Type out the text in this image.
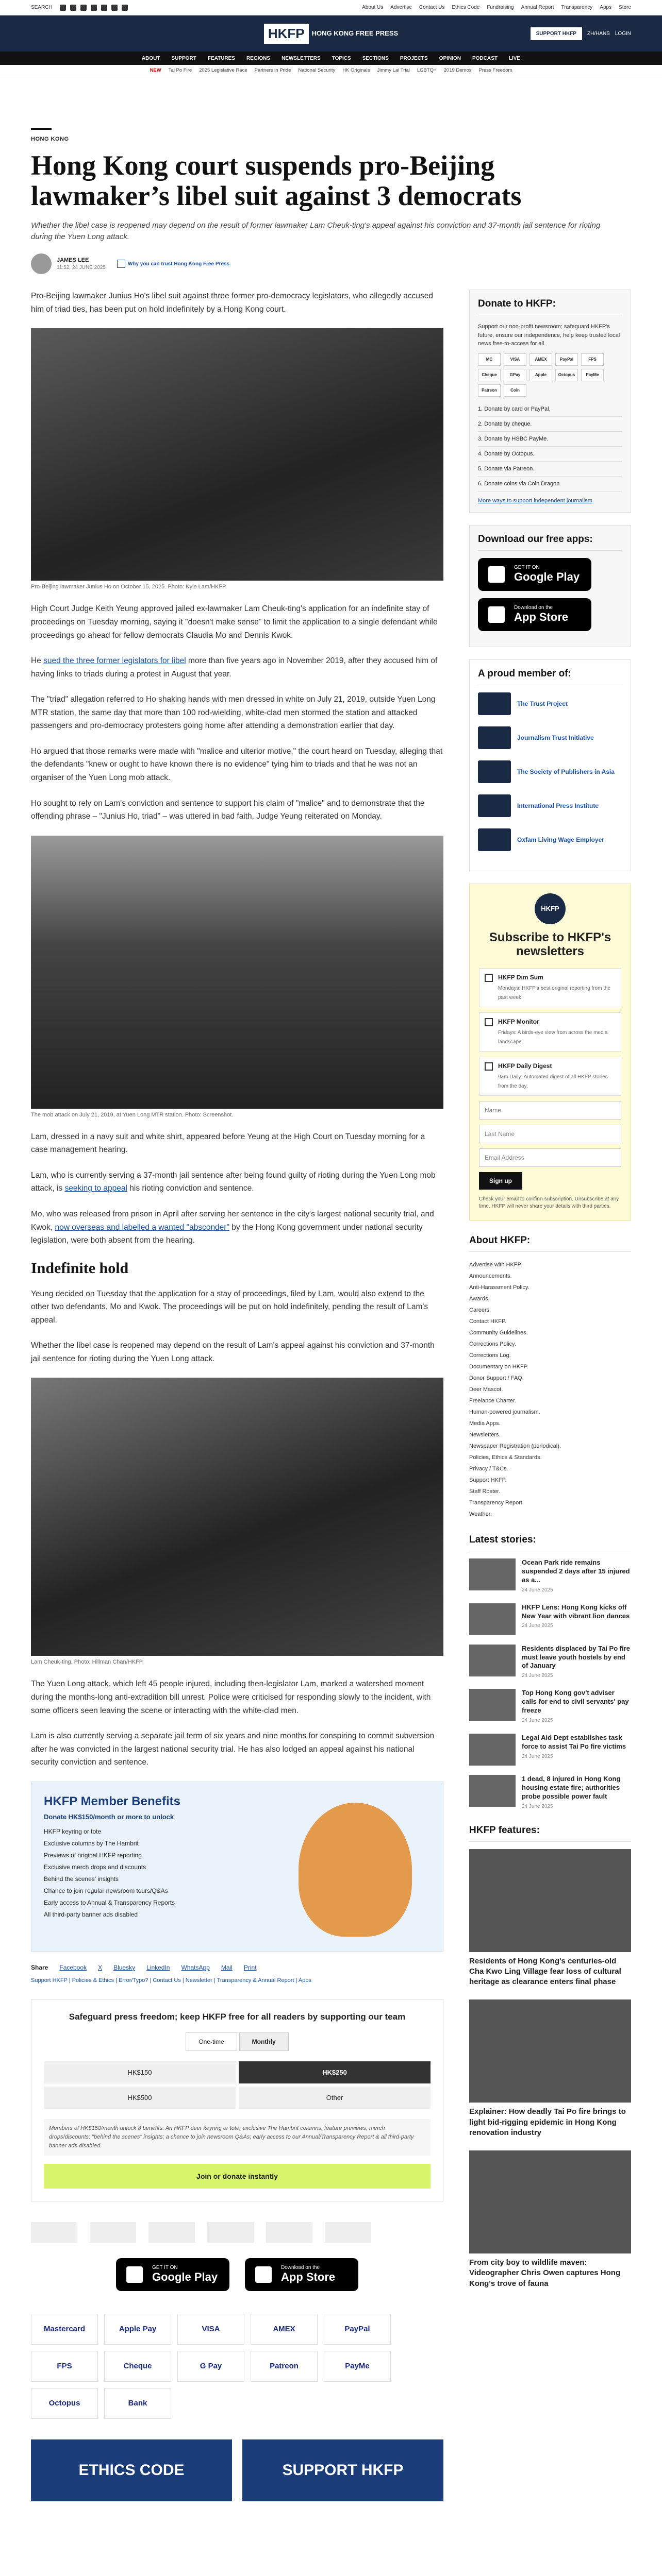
SEARCH	About Us Advertise Contact Us Ethics Code Fundraising Annual Report Transparency Apps Store
HKFP	HONG KONG FREE PRESS	SUPPORT HKFP	ZH/HANS LOGIN
ABOUT SUPPORT FEATURES REGIONS NEWSLETTERS TOPICS SECTIONS PROJECTS OPINION PODCAST LIVE
NEW Tai Po Fire 2025 Legislative Race Partners in Pride National Security HK Originals Jimmy Lai Trial LGBTQ+ 2019 Demos Press Freedom
HONG KONG
Hong Kong court suspends pro-Beijing lawmaker’s libel suit against 3 democrats
Whether the libel case is reopened may depend on the result of former lawmaker Lam Cheuk-ting's appeal against his conviction and 37-month jail sentence for rioting during the Yuen Long attack.
JAMES LEE
11:52, 24 JUNE 2025
Why you can trust Hong Kong Free Press

Pro-Beijing lawmaker Junius Ho's libel suit against three former pro-democracy legislators, who allegedly accused him of triad ties, has been put on hold indefinitely by a Hong Kong court.

Pro-Beijing lawmaker Junius Ho on October 15, 2025. Photo: Kyle Lam/HKFP.

High Court Judge Keith Yeung approved jailed ex-lawmaker Lam Cheuk-ting's application for an indefinite stay of proceedings on Tuesday morning, saying it "doesn't make sense" to limit the application to a single defendant while proceedings go ahead for fellow democrats Claudia Mo and Dennis Kwok.

He sued the three former legislators for libel more than five years ago in November 2019, after they accused him of having links to triads during a protest in August that year.

The "triad" allegation referred to Ho shaking hands with men dressed in white on July 21, 2019, outside Yuen Long MTR station, the same day that more than 100 rod-wielding, white-clad men stormed the station and attacked passengers and pro-democracy protesters going home after attending a demonstration earlier that day.

Ho argued that those remarks were made with "malice and ulterior motive," the court heard on Tuesday, alleging that the defendants "knew or ought to have known there is no evidence" tying him to triads and that he was not an organiser of the Yuen Long mob attack.

Ho sought to rely on Lam's conviction and sentence to support his claim of "malice" and to demonstrate that the offending phrase – "Junius Ho, triad" – was uttered in bad faith, Judge Yeung reiterated on Monday.

The mob attack on July 21, 2019, at Yuen Long MTR station. Photo: Screenshot.

Lam, dressed in a navy suit and white shirt, appeared before Yeung at the High Court on Tuesday morning for a case management hearing.

Lam, who is currently serving a 37-month jail sentence after being found guilty of rioting during the Yuen Long mob attack, is seeking to appeal his rioting conviction and sentence.

Mo, who was released from prison in April after serving her sentence in the city's largest national security trial, and Kwok, now overseas and labelled a wanted "absconder" by the Hong Kong government under national security legislation, were both absent from the hearing.

Indefinite hold

Yeung decided on Tuesday that the application for a stay of proceedings, filed by Lam, would also extend to the other two defendants, Mo and Kwok. The proceedings will be put on hold indefinitely, pending the result of Lam's appeal.

Whether the libel case is reopened may depend on the result of Lam's appeal against his conviction and 37-month jail sentence for rioting during the Yuen Long attack.

Lam Cheuk-ting. Photo: Hillman Chan/HKFP.

The Yuen Long attack, which left 45 people injured, including then-legislator Lam, marked a watershed moment during the months-long anti-extradition bill unrest. Police were criticised for responding slowly to the incident, with some officers seen leaving the scene or interacting with the white-clad men.

Lam is also currently serving a separate jail term of six years and nine months for conspiring to commit subversion after he was convicted in the largest national security trial. He has also lodged an appeal against his national security conviction and sentence.

HKFP Member Benefits

Donate HK$150/month or more to unlock

HKFP keyring or tote
Exclusive columns by The Hambrit
Previews of original HKFP reporting
Exclusive merch drops and discounts
Behind the scenes' insights
Chance to join regular newsroom tours/Q&As
Early access to Annual & Transparency Reports
All third-party banner ads disabled
Share Facebook X Bluesky LinkedIn WhatsApp Mail Print
Support HKFP | Policies & Ethics | Error/Typo? | Contact Us | Newsletter | Transparency & Annual Report | Apps
Safeguard press freedom; keep HKFP free for all readers by supporting our team
One-time	Monthly
HK$150	HK$250
HK$500	Other
Members of HK$150/month unlock 8 benefits: An HKFP deer keyring or tote; exclusive The Hambrit columns; feature previews; merch drops/discounts; "behind the scenes" insights; a chance to join newsroom Q&As; early access to our Annual/Transparency Report & all third-party banner ads disabled.
Join or donate instantly
GET IT ON
Google Play
Download on the
App Store
Mastercard	Apple Pay	VISA	AMEX	PayPal
FPS	Cheque	G Pay	Patreon	PayMe
Octopus	Bank
ETHICS CODE	SUPPORT HKFP
Donate to HKFP:
Support our non-profit newsroom; safeguard HKFP's future, ensure our independence, help keep trusted local news free-to-access for all.
MC	VISA	AMEX	PayPal	FPS
Cheque	GPay	Apple	Octopus	PayMe
Patreon	Coin
1. Donate by card or PayPal.
2. Donate by cheque.
3. Donate by HSBC PayMe.
4. Donate by Octopus.
5. Donate via Patreon.
6. Donate coins via Coin Dragon.
More ways to support independent journalism
Download our free apps:
GET IT ON
Google Play
Download on the
App Store
A proud member of:
The Trust Project
Journalism Trust Initiative
The Society of Publishers in Asia
International Press Institute
Oxfam Living Wage Employer
HKFP
Subscribe to HKFP's newsletters
HKFP Dim Sum
Mondays: HKFP's best original reporting from the past week.
HKFP Monitor
Fridays: A birds-eye view from across the media landscape.
HKFP Daily Digest
9am Daily: Automated digest of all HKFP stories from the day.
Name
Last Name
Email Address
Sign up
Check your email to confirm subscription. Unsubscribe at any time. HKFP will never share your details with third parties.
About HKFP:
Advertise with HKFP.
Announcements.
Anti-Harassment Policy.
Awards.
Careers.
Contact HKFP.
Community Guidelines.
Corrections Policy.
Corrections Log.
Documentary on HKFP.
Donor Support / FAQ.
Deer Mascot.
Freelance Charter.
Human-powered journalism.
Media Apps.
Newsletters.
Newspaper Registration (periodical).
Policies, Ethics & Standards.
Privacy / T&Cs.
Support HKFP.
Staff Roster.
Transparency Report.
Weather.
Latest stories:
Ocean Park ride remains suspended 2 days after 15 injured as a...
24 June 2025
HKFP Lens: Hong Kong kicks off New Year with vibrant lion dances
24 June 2025
Residents displaced by Tai Po fire must leave youth hostels by end of January
24 June 2025
Top Hong Kong gov't adviser calls for end to civil servants' pay freeze
24 June 2025
Legal Aid Dept establishes task force to assist Tai Po fire victims
24 June 2025
1 dead, 8 injured in Hong Kong housing estate fire; authorities probe possible power fault
24 June 2025
HKFP features:
Residents of Hong Kong's centuries-old Cha Kwo Ling Village fear loss of cultural heritage as clearance enters final phase
Explainer: How deadly Tai Po fire brings to light bid-rigging epidemic in Hong Kong renovation industry
From city boy to wildlife maven: Videographer Chris Owen captures Hong Kong's trove of fauna
